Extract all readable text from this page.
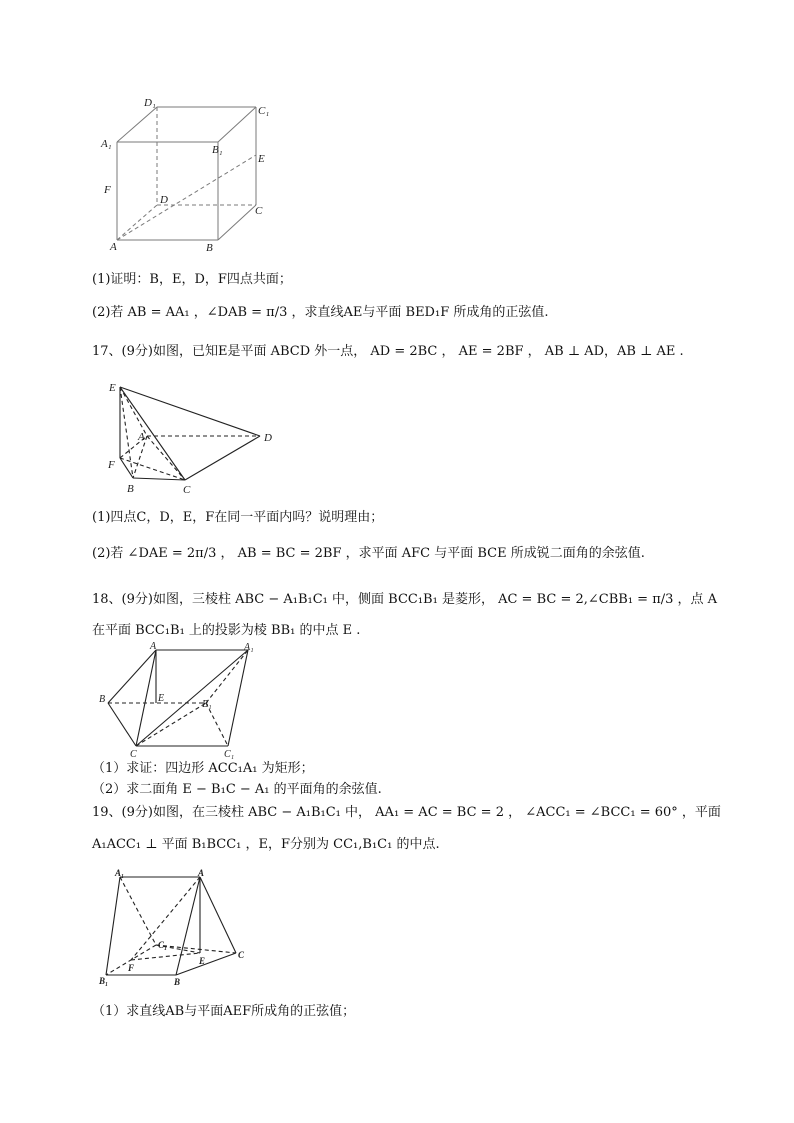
D₁
C₁
A₁	B₁
E
F
D
C
A	B
(1)证明：B，E，D，F四点共面；
(2)若 AB = AA₁ ，∠DAB = π/3 ，求直线AE与平面 BED₁F 所成角的正弦值.
17、(9分)如图，已知E是平面 ABCD 外一点， AD = 2BC ， AE = 2BF ， AB ⊥ AD，AB ⊥ AE .
E
A	D
F
B	C
(1)四点C，D，E，F在同一平面内吗？说明理由；
(2)若 ∠DAE = 2π/3 ， AB = BC = 2BF ，求平面 AFC 与平面 BCE 所成锐二面角的余弦值.
18、(9分)如图，三棱柱 ABC − A₁B₁C₁ 中，侧面 BCC₁B₁ 是菱形， AC = BC = 2,∠CBB₁ = π/3 ，点 A
在平面 BCC₁B₁ 上的投影为棱 BB₁ 的中点 E .
A	A₁
B	E
B₁
C	C₁
（1）求证：四边形 ACC₁A₁ 为矩形；
（2）求二面角 E − B₁C − A₁ 的平面角的余弦值.
19、(9分)如图，在三棱柱 ABC − A₁B₁C₁ 中， AA₁ = AC = BC = 2 ， ∠ACC₁ = ∠BCC₁ = 60° ，平面
A₁ACC₁ ⊥ 平面 B₁BCC₁ ，E，F分别为 CC₁,B₁C₁ 的中点.
A₁	A
C₁
F
E
C
B₁	B
（1）求直线AB与平面AEF所成角的正弦值；
